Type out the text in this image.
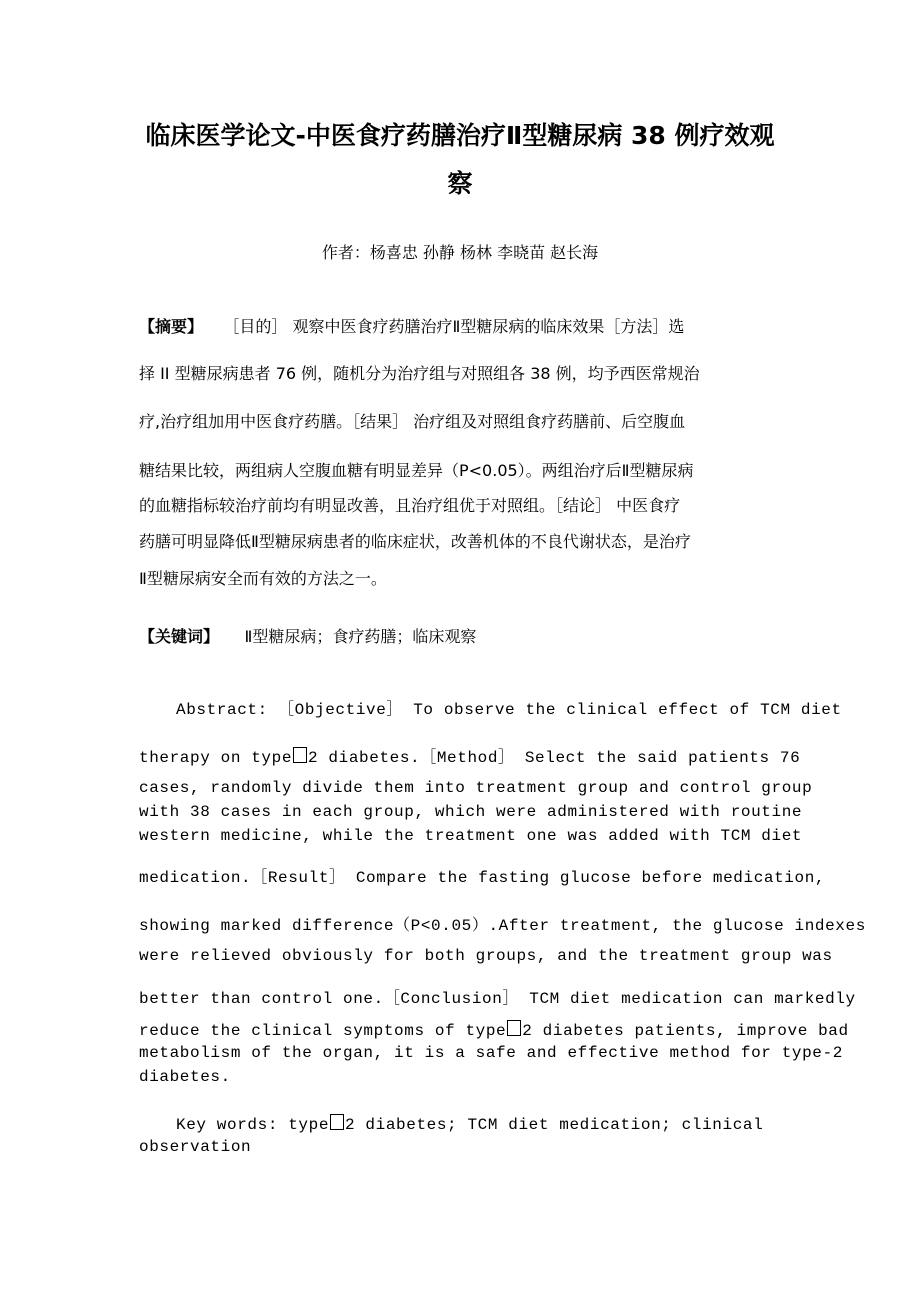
临床医学论文-中医食疗药膳治疗Ⅱ型糖尿病 38 例疗效观
察
作者：杨喜忠 孙静 杨林 李晓苗 赵长海
【摘要】 ［目的］ 观察中医食疗药膳治疗Ⅱ型糖尿病的临床效果［方法］选
择 II 型糖尿病患者 76 例，随机分为治疗组与对照组各 38 例，均予西医常规治
疗,治疗组加用中医食疗药膳。［结果］ 治疗组及对照组食疗药膳前、后空腹血
糖结果比较，两组病人空腹血糖有明显差异（P<0.05）。两组治疗后Ⅱ型糖尿病
的血糖指标较治疗前均有明显改善，且治疗组优于对照组。［结论］ 中医食疗
药膳可明显降低Ⅱ型糖尿病患者的临床症状，改善机体的不良代谢状态，是治疗
Ⅱ型糖尿病安全而有效的方法之一。
【关键词】 Ⅱ型糖尿病；食疗药膳；临床观察
Abstract: ［Objective］ To observe the clinical effect of TCM diet
therapy on type 2 diabetes.［Method］ Select the said patients 76
cases, randomly divide them into treatment group and control group
with 38 cases in each group, which were administered with routine
western medicine, while the treatment one was added with TCM diet
medication.［Result］ Compare the fasting glucose before medication,
showing marked difference（P<0.05）.After treatment, the glucose indexes
were relieved obviously for both groups, and the treatment group was
better than control one.［Conclusion］ TCM diet medication can markedly
reduce the clinical symptoms of type 2 diabetes patients, improve bad
metabolism of the organ, it is a safe and effective method for type-2
diabetes.
Key words: type 2 diabetes; TCM diet medication; clinical
observation
